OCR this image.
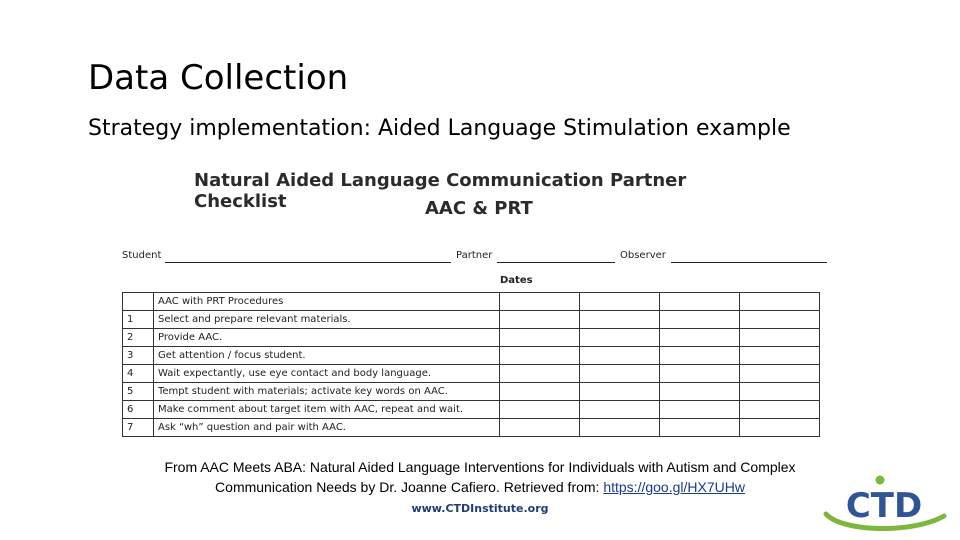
Data Collection
Strategy implementation: Aided Language Stimulation example
Natural Aided Language Communication Partner Checklist	AAC & PRT
Student	Partner	Observer
Dates
	AAC with PRT Procedures				
1	Select and prepare relevant materials.				
2	Provide AAC.				
3	Get attention / focus student.				
4	Wait expectantly, use eye contact and body language.				
5	Tempt student with materials; activate key words on AAC.				
6	Make comment about target item with AAC, repeat and wait.				
7	Ask “wh” question and pair with AAC.				
From AAC Meets ABA: Natural Aided Language Interventions for Individuals with Autism and Complex
Communication Needs by Dr. Joanne Cafiero. Retrieved from: https://goo.gl/HX7UHw
www.CTDInstitute.org	CTD
